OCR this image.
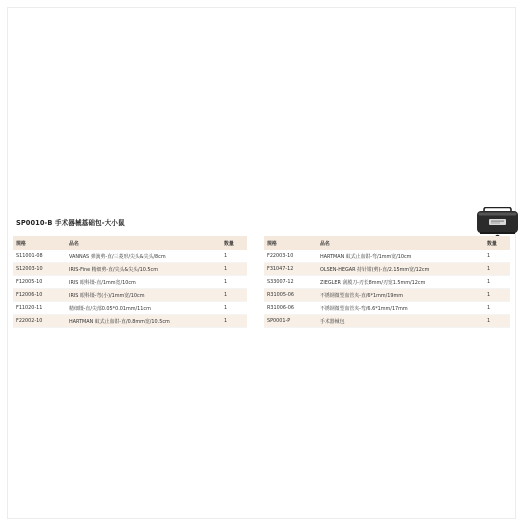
SP0010-B 手术器械基础包-大小鼠
规格	品名	数量
S11001-08	VANNAS 弹簧剪-直/三菱形/尖头&尖头/8cm	1
S12003-10	IRIS-Fine 精细剪-直/尖头&尖头/10.5cm	1
F12005-10	IRIS 眼科镊-直/1mm宽/10cm	1
F12006-10	IRIS 眼科镊-弯(小)/1mm宽/10cm	1
F11020-11	精细镊-直/尖部0.05*0.01mm/11cm	1
F22002-10	HARTMAN 蚊式止血钳-直/0.8mm宽/10.5cm	1
规格	品名	数量
F22003-10	HARTMAN 蚊式止血钳-弯/1mm宽/10cm	1
F31047-12	OLSEN-HEGAR 持针钳(剪)-直/2.15mm宽/12cm	1
S33007-12	ZIEGLER 刮膜刀-刃长8mm/刃宽1.5mm/12cm	1
R31005-06	不锈钢微型血管夹-直/6*1mm/19mm	1
R31006-06	不锈钢微型血管夹-弯/6.6*1mm/17mm	1
SP0001-P	手术器械包	1
